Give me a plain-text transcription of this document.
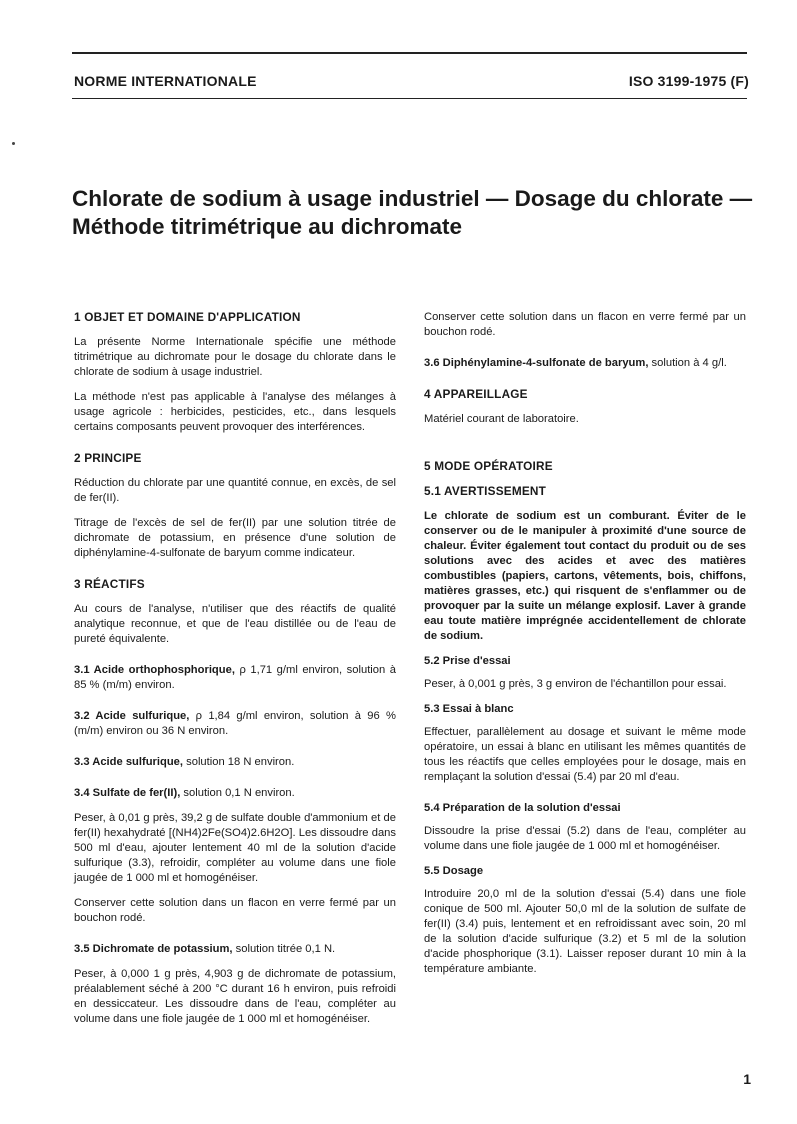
NORME INTERNATIONALE	ISO 3199-1975 (F)
Chlorate de sodium à usage industriel — Dosage du chlorate —
Méthode titrimétrique au dichromate
1 OBJET ET DOMAINE D'APPLICATION

La présente Norme Internationale spécifie une méthode titrimétrique au dichromate pour le dosage du chlorate dans le chlorate de sodium à usage industriel.

La méthode n'est pas applicable à l'analyse des mélanges à usage agricole : herbicides, pesticides, etc., dans lesquels certains composants peuvent provoquer des interférences.

2 PRINCIPE

Réduction du chlorate par une quantité connue, en excès, de sel de fer(II).

Titrage de l'excès de sel de fer(II) par une solution titrée de dichromate de potassium, en présence d'une solution de diphénylamine-4-sulfonate de baryum comme indicateur.

3 RÉACTIFS

Au cours de l'analyse, n'utiliser que des réactifs de qualité analytique reconnue, et que de l'eau distillée ou de l'eau de pureté équivalente.

3.1 Acide orthophosphorique, ρ 1,71 g/ml environ, solution à 85 % (m/m) environ.

3.2 Acide sulfurique, ρ 1,84 g/ml environ, solution à 96 % (m/m) environ ou 36 N environ.

3.3 Acide sulfurique, solution 18 N environ.

3.4 Sulfate de fer(II), solution 0,1 N environ.

Peser, à 0,01 g près, 39,2 g de sulfate double d'ammonium et de fer(II) hexahydraté [(NH4)2Fe(SO4)2.6H2O]. Les dissoudre dans 500 ml d'eau, ajouter lentement 40 ml de la solution d'acide sulfurique (3.3), refroidir, compléter au volume dans une fiole jaugée de 1 000 ml et homogénéiser.

Conserver cette solution dans un flacon en verre fermé par un bouchon rodé.

3.5 Dichromate de potassium, solution titrée 0,1 N.

Peser, à 0,000 1 g près, 4,903 g de dichromate de potassium, préalablement séché à 200 °C durant 16 h environ, puis refroidi en dessiccateur. Les dissoudre dans de l'eau, compléter au volume dans une fiole jaugée de 1 000 ml et homogénéiser.

Conserver cette solution dans un flacon en verre fermé par un bouchon rodé.

3.6 Diphénylamine-4-sulfonate de baryum, solution à 4 g/l.

4 APPAREILLAGE

Matériel courant de laboratoire.

5 MODE OPÉRATOIRE
5.1 AVERTISSEMENT

Le chlorate de sodium est un comburant. Éviter de le conserver ou de le manipuler à proximité d'une source de chaleur. Éviter également tout contact du produit ou de ses solutions avec des acides et avec des matières combustibles (papiers, cartons, vêtements, bois, chiffons, matières grasses, etc.) qui risquent de s'enflammer ou de provoquer par la suite un mélange explosif. Laver à grande eau toute matière imprégnée accidentellement de chlorate de sodium.

5.2 Prise d'essai

Peser, à 0,001 g près, 3 g environ de l'échantillon pour essai.

5.3 Essai à blanc

Effectuer, parallèlement au dosage et suivant le même mode opératoire, un essai à blanc en utilisant les mêmes quantités de tous les réactifs que celles employées pour le dosage, mais en remplaçant la solution d'essai (5.4) par 20 ml d'eau.

5.4 Préparation de la solution d'essai

Dissoudre la prise d'essai (5.2) dans de l'eau, compléter au volume dans une fiole jaugée de 1 000 ml et homogénéiser.

5.5 Dosage

Introduire 20,0 ml de la solution d'essai (5.4) dans une fiole conique de 500 ml. Ajouter 50,0 ml de la solution de sulfate de fer(II) (3.4) puis, lentement et en refroidissant avec soin, 20 ml de la solution d'acide sulfurique (3.2) et 5 ml de la solution d'acide phosphorique (3.1). Laisser reposer durant 10 min à la température ambiante.

1
